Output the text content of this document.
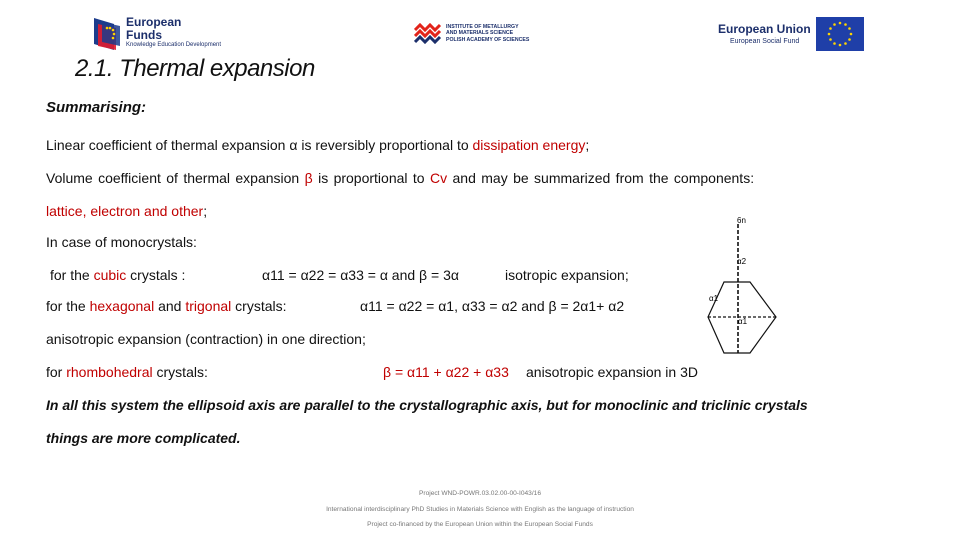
European
Funds
Knowledge Education Development
INSTITUTE OF METALLURGY
AND MATERIALS SCIENCE
POLISH ACADEMY OF SCIENCES
European Union
European Social Fund
2.1. Thermal expansion
Summarising:
Linear coefficient of thermal expansion α is reversibly proportional to dissipation energy;
Volume coefficient of thermal expansion β is proportional to Cv and may be summarized from the components:
lattice, electron and other;
In case of monocrystals:
for the cubic crystals :	α11 = α22 = α33 = α and β = 3α	isotropic expansion;
for the hexagonal and trigonal crystals:	α11 = α22 = α1, α33 = α2 and β = 2α1+ α2
anisotropic expansion (contraction) in one direction;
for rhombohedral crystals:	β = α11 + α22 + α33 anisotropic expansion in 3D
In all this system the ellipsoid axis are parallel to the crystallographic axis, but for monoclinic and triclinic crystals
things are more complicated.
6n
α2
α1
α1
Project WND-POWR.03.02.00-00-I043/16
International interdisciplinary PhD Studies in Materials Science with English as the language of instruction
Project co-financed by the European Union within the European Social Funds
